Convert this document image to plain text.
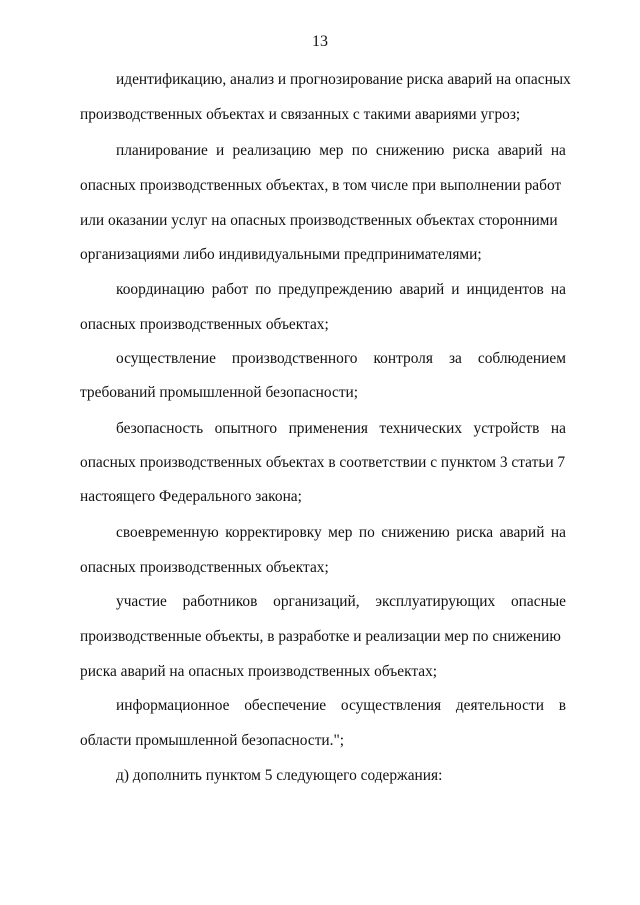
13
идентификацию, анализ и прогнозирование риска аварий на опасных
производственных объектах и связанных с такими авариями угроз;
планирование и реализацию мер по снижению риска аварий на
опасных производственных объектах, в том числе при выполнении работ
или оказании услуг на опасных производственных объектах сторонними
организациями либо индивидуальными предпринимателями;
координацию работ по предупреждению аварий и инцидентов на
опасных производственных объектах;
осуществление производственного контроля за соблюдением
требований промышленной безопасности;
безопасность опытного применения технических устройств на
опасных производственных объектах в соответствии с пунктом 3 статьи 7
настоящего Федерального закона;
своевременную корректировку мер по снижению риска аварий на
опасных производственных объектах;
участие работников организаций, эксплуатирующих опасные
производственные объекты, в разработке и реализации мер по снижению
риска аварий на опасных производственных объектах;
информационное обеспечение осуществления деятельности в
области промышленной безопасности.";
д) дополнить пунктом 5 следующего содержания:
